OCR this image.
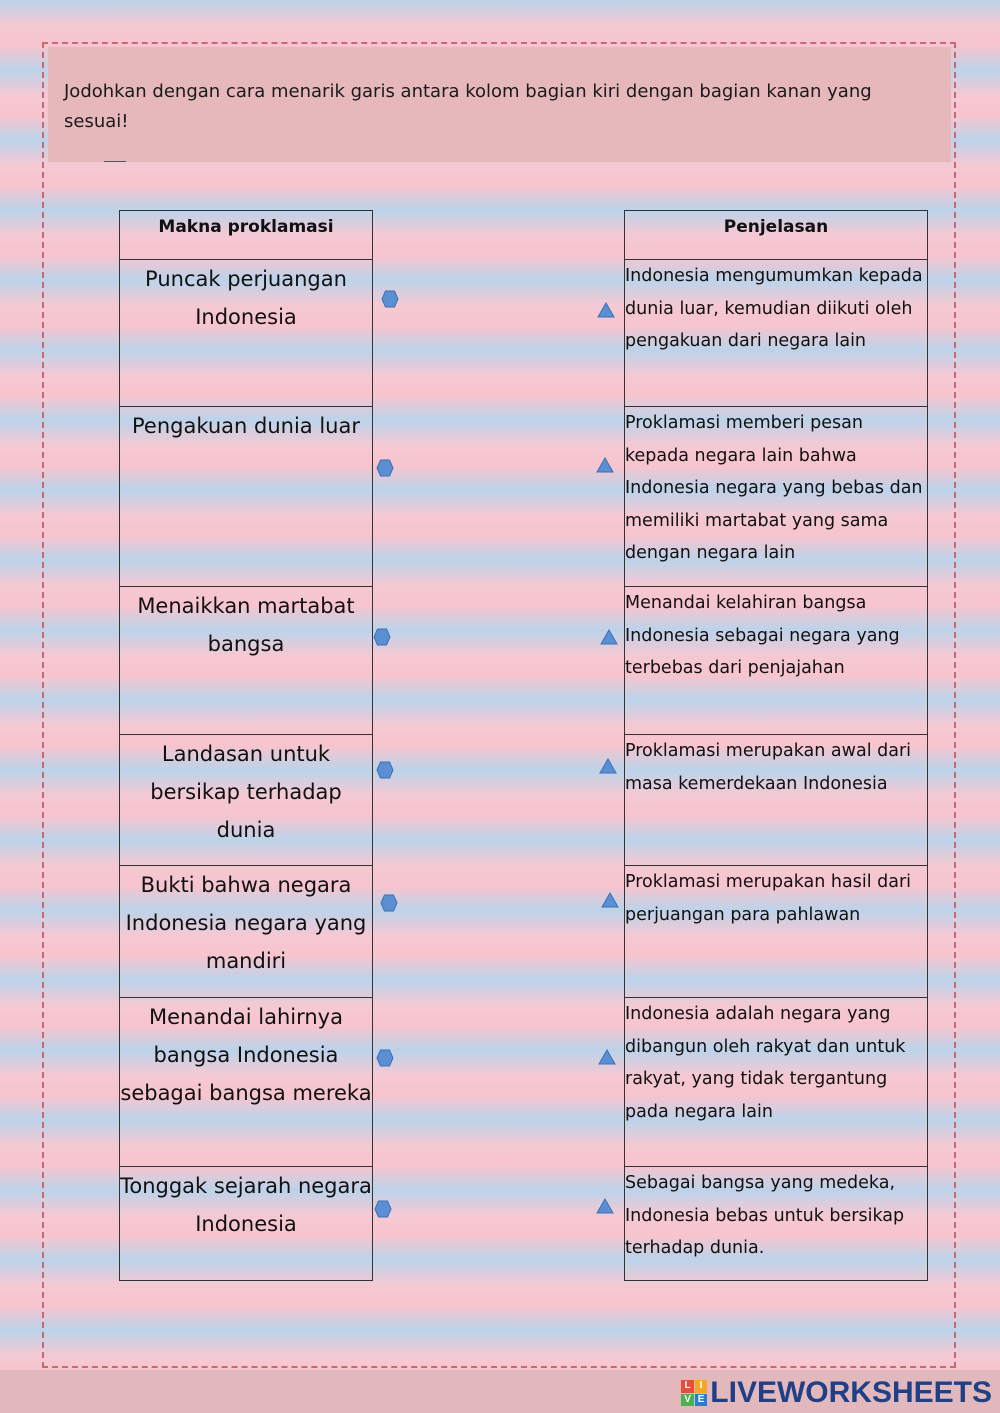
Jodohkan dengan cara menarik garis antara kolom bagian kiri dengan bagian kanan yang sesuai!
Makna proklamasi
Puncak perjuangan Indonesia
Pengakuan dunia luar
Menaikkan martabat bangsa
Landasan untuk bersikap terhadap dunia
Bukti bahwa negara Indonesia negara yang mandiri
Menandai lahirnya bangsa Indonesia sebagai bangsa mereka
Tonggak sejarah negara Indonesia
Penjelasan
Indonesia mengumumkan kepada dunia luar, kemudian diikuti oleh pengakuan dari negara lain
Proklamasi memberi pesan kepada negara lain bahwa Indonesia negara yang bebas dan memiliki martabat yang sama dengan negara lain
Menandai kelahiran bangsa Indonesia sebagai negara yang terbebas dari penjajahan
Proklamasi merupakan awal dari masa kemerdekaan Indonesia
Proklamasi merupakan hasil dari perjuangan para pahlawan
Indonesia adalah negara yang dibangun oleh rakyat dan untuk rakyat, yang tidak tergantung pada negara lain
Sebagai bangsa yang medeka, Indonesia bebas untuk bersikap terhadap dunia.
L I
V E LIVEWORKSHEETS
